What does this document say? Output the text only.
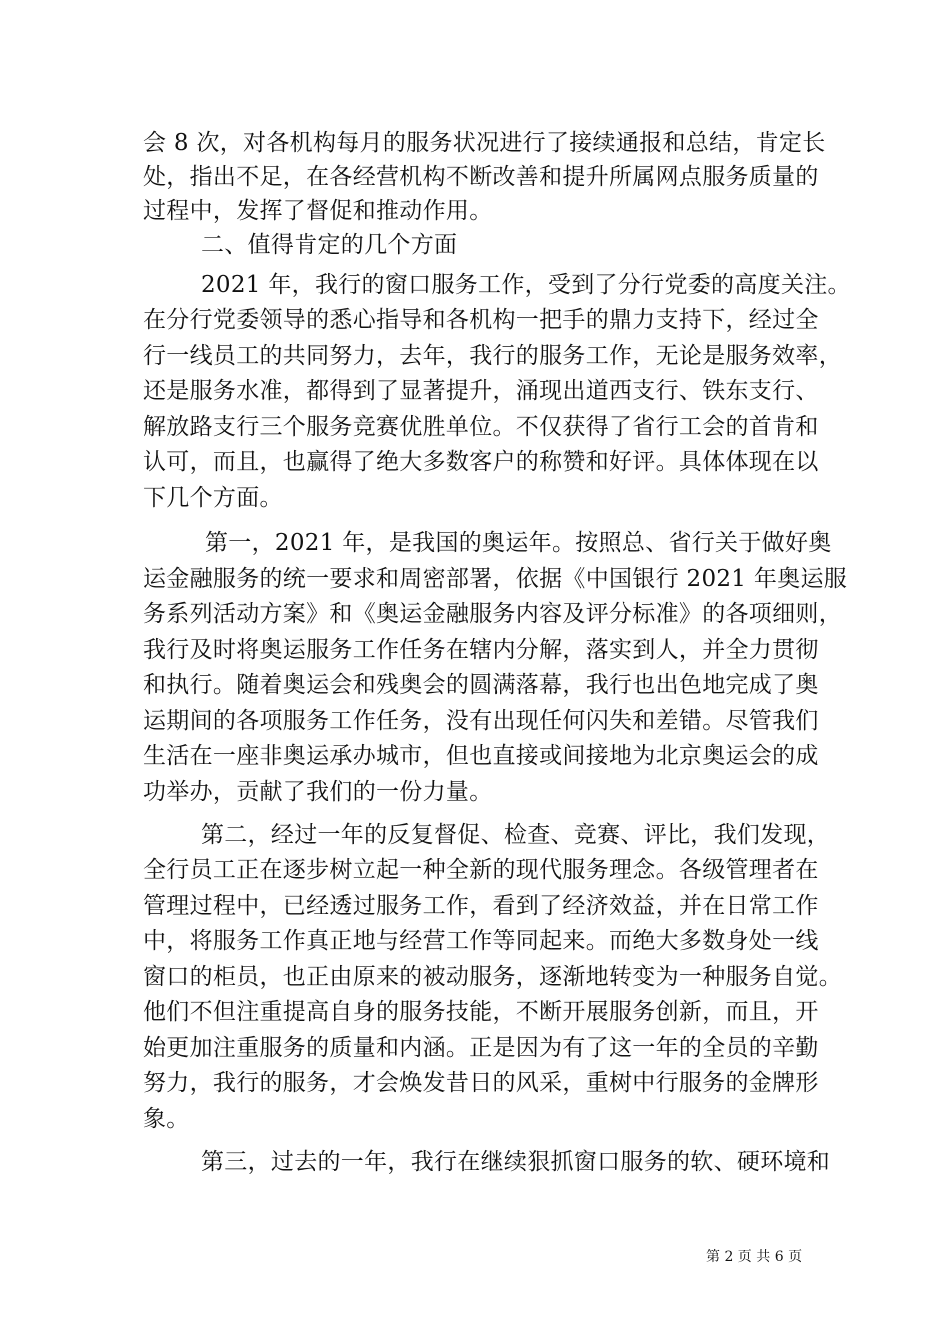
会 8 次，对各机构每月的服务状况进行了接续通报和总结，肯定长
处，指出不足，在各经营机构不断改善和提升所属网点服务质量的
过程中，发挥了督促和推动作用。
二、值得肯定的几个方面
2021 年，我行的窗口服务工作，受到了分行党委的高度关注。
在分行党委领导的悉心指导和各机构一把手的鼎力支持下，经过全
行一线员工的共同努力，去年，我行的服务工作，无论是服务效率，
还是服务水准，都得到了显著提升，涌现出道西支行、铁东支行、
解放路支行三个服务竞赛优胜单位。不仅获得了省行工会的首肯和
认可，而且，也赢得了绝大多数客户的称赞和好评。具体体现在以
下几个方面。
第一，2021 年，是我国的奥运年。按照总、省行关于做好奥
运金融服务的统一要求和周密部署，依据《中国银行 2021 年奥运服
务系列活动方案》和《奥运金融服务内容及评分标准》的各项细则，
我行及时将奥运服务工作任务在辖内分解，落实到人，并全力贯彻
和执行。随着奥运会和残奥会的圆满落幕，我行也出色地完成了奥
运期间的各项服务工作任务，没有出现任何闪失和差错。尽管我们
生活在一座非奥运承办城市，但也直接或间接地为北京奥运会的成
功举办，贡献了我们的一份力量。
第二，经过一年的反复督促、检查、竞赛、评比，我们发现，
全行员工正在逐步树立起一种全新的现代服务理念。各级管理者在
管理过程中，已经透过服务工作，看到了经济效益，并在日常工作
中，将服务工作真正地与经营工作等同起来。而绝大多数身处一线
窗口的柜员，也正由原来的被动服务，逐渐地转变为一种服务自觉。
他们不但注重提高自身的服务技能，不断开展服务创新，而且，开
始更加注重服务的质量和内涵。正是因为有了这一年的全员的辛勤
努力，我行的服务，才会焕发昔日的风采，重树中行服务的金牌形
象。
第三，过去的一年，我行在继续狠抓窗口服务的软、硬环境和
第 2 页 共 6 页
